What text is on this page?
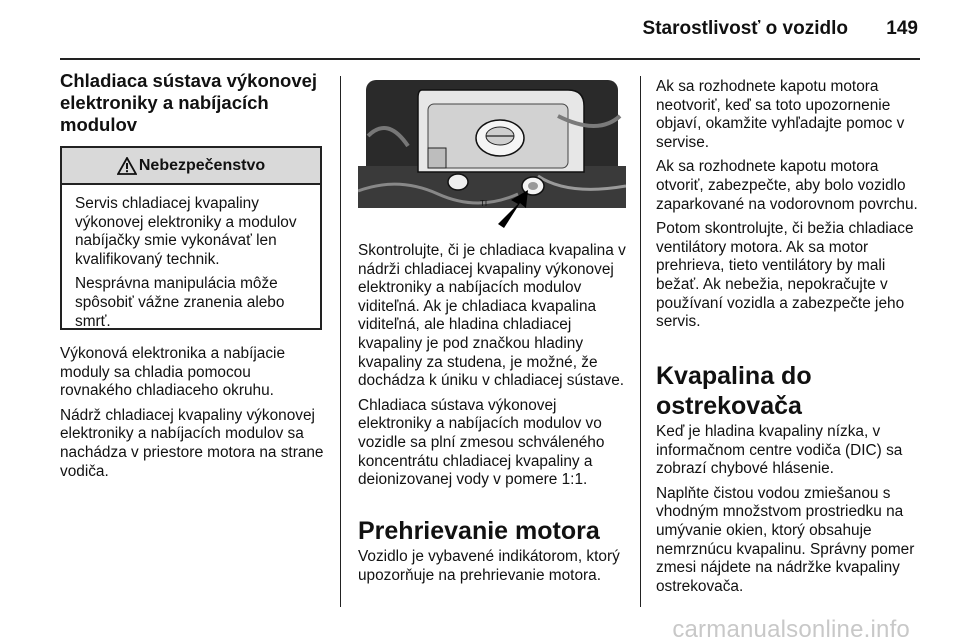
Starostlivosť o vozidlo 149

Chladiaca sústava výkonovej elektroniky a nabíjacích modulov

Nebezpečenstvo

Servis chladiacej kvapaliny výkonovej elektroniky a modulov nabíjačky smie vykonávať len kvalifikovaný technik.

Nesprávna manipulácia môže spôsobiť vážne zranenia alebo smrť.

Výkonová elektronika a nabíjacie moduly sa chladia pomocou rovnakého chladiaceho okruhu.

Nádrž chladiacej kvapaliny výkonovej elektroniky a nabíjacích modulov sa nachádza v priestore motora na strane vodiča.

TI

Skontrolujte, či je chladiaca kvapalina v nádrži chladiacej kvapaliny výkonovej elektroniky a nabíjacích modulov viditeľná. Ak je chladiaca kvapalina viditeľná, ale hladina chladiacej kvapaliny je pod značkou hladiny kvapaliny za studena, je možné, že dochádza k úniku v chladiacej sústave.

Chladiaca sústava výkonovej elektroniky a nabíjacích modulov vo vozidle sa plní zmesou schváleného koncentrátu chladiacej kvapaliny a deionizovanej vody v pomere 1:1.

Prehrievanie motora

Vozidlo je vybavené indikátorom, ktorý upozorňuje na prehrievanie motora.

Ak sa rozhodnete kapotu motora neotvoriť, keď sa toto upozornenie objaví, okamžite vyhľadajte pomoc v servise.

Ak sa rozhodnete kapotu motora otvoriť, zabezpečte, aby bolo vozidlo zaparkované na vodorovnom povrchu.

Potom skontrolujte, či bežia chladiace ventilátory motora. Ak sa motor prehrieva, tieto ventilátory by mali bežať. Ak nebežia, nepokračujte v používaní vozidla a zabezpečte jeho servis.

Kvapalina do ostrekovača

Keď je hladina kvapaliny nízka, v informačnom centre vodiča (DIC) sa zobrazí chybové hlásenie.

Naplňte čistou vodou zmiešanou s vhodným množstvom prostriedku na umývanie okien, ktorý obsahuje nemrznúcu kvapalinu. Správny pomer zmesi nájdete na nádržke kvapaliny ostrekovača.

carmanualsonline.info
